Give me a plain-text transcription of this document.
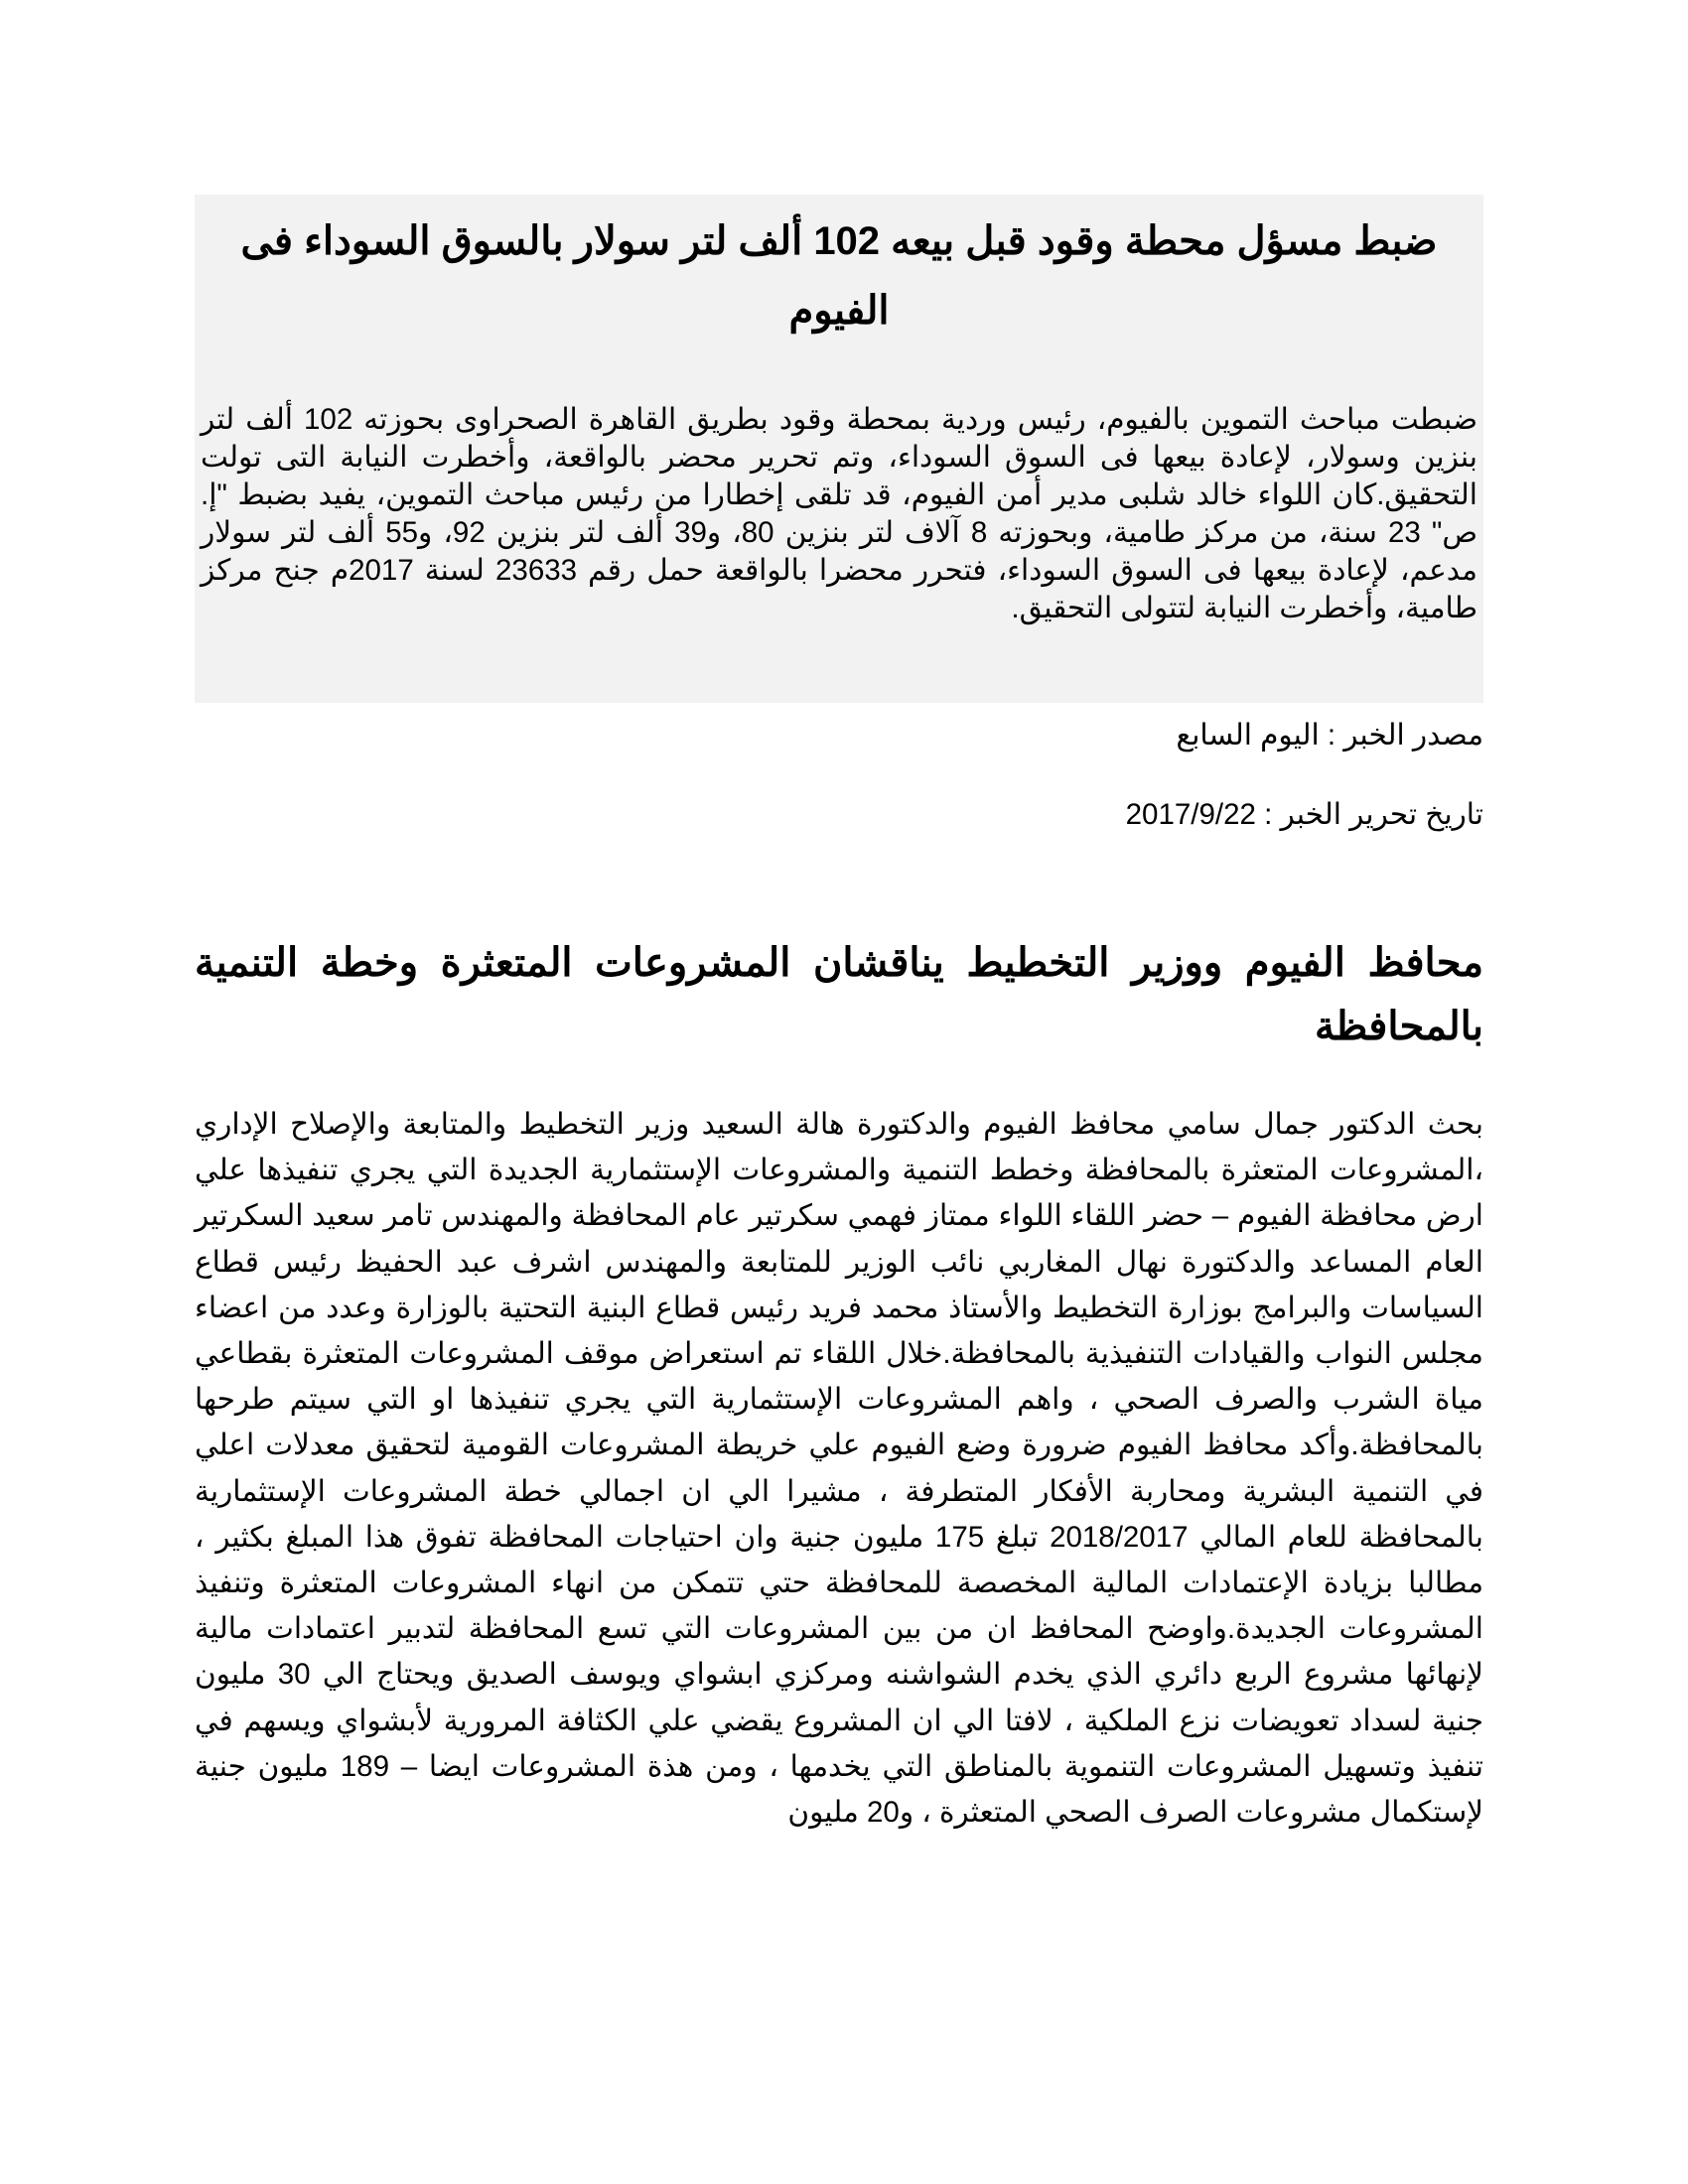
ضبط مسؤل محطة وقود قبل بيعه 102 ألف لتر سولار بالسوق السوداء فى الفيوم

ضبطت مباحث التموين بالفيوم، رئيس وردية بمحطة وقود بطريق القاهرة الصحراوى بحوزته 102 ألف لتر بنزين وسولار، لإعادة بيعها فى السوق السوداء، وتم تحرير محضر بالواقعة، وأخطرت النيابة التى تولت التحقيق.كان اللواء خالد شلبى مدير أمن الفيوم، قد تلقى إخطارا من رئيس مباحث التموين، يفيد بضبط "إ. ص" 23 سنة، من مركز طامية، وبحوزته 8 آلاف لتر بنزين 80، و39 ألف لتر بنزين 92، و55 ألف لتر سولار مدعم، لإعادة بيعها فى السوق السوداء، فتحرر محضرا بالواقعة حمل رقم 23633 لسنة 2017م جنح مركز طامية، وأخطرت النيابة لتتولى التحقيق.

مصدر الخبر : اليوم السابع

تاريخ تحرير الخبر : 2017/9/22

محافظ الفيوم ووزير التخطيط يناقشان المشروعات المتعثرة وخطة التنمية بالمحافظة

بحث الدكتور جمال سامي محافظ الفيوم والدكتورة هالة السعيد وزير التخطيط والمتابعة والإصلاح الإداري ،المشروعات المتعثرة بالمحافظة وخطط التنمية والمشروعات الإستثمارية الجديدة التي يجري تنفيذها علي ارض محافظة الفيوم – حضر اللقاء اللواء ممتاز فهمي سكرتير عام المحافظة والمهندس تامر سعيد السكرتير العام المساعد والدكتورة نهال المغاربي نائب الوزير للمتابعة والمهندس اشرف عبد الحفيظ رئيس قطاع السياسات والبرامج بوزارة التخطيط والأستاذ محمد فريد رئيس قطاع البنية التحتية بالوزارة وعدد من اعضاء مجلس النواب والقيادات التنفيذية بالمحافظة.خلال اللقاء تم استعراض موقف المشروعات المتعثرة بقطاعي مياة الشرب والصرف الصحي ، واهم المشروعات الإستثمارية التي يجري تنفيذها او التي سيتم طرحها بالمحافظة.وأكد محافظ الفيوم ضرورة وضع الفيوم علي خريطة المشروعات القومية لتحقيق معدلات اعلي في التنمية البشرية ومحاربة الأفكار المتطرفة ، مشيرا الي ان اجمالي خطة المشروعات الإستثمارية بالمحافظة للعام المالي 2018/2017 تبلغ 175 مليون جنية وان احتياجات المحافظة تفوق هذا المبلغ بكثير ، مطالبا بزيادة الإعتمادات المالية المخصصة للمحافظة حتي تتمكن من انهاء المشروعات المتعثرة وتنفيذ المشروعات الجديدة.واوضح المحافظ ان من بين المشروعات التي تسع المحافظة لتدبير اعتمادات مالية لإنهائها مشروع الربع دائري الذي يخدم الشواشنه ومركزي ابشواي ويوسف الصديق ويحتاج الي 30 مليون جنية لسداد تعويضات نزع الملكية ، لافتا الي ان المشروع يقضي علي الكثافة المرورية لأبشواي ويسهم في تنفيذ وتسهيل المشروعات التنموية بالمناطق التي يخدمها ، ومن هذة المشروعات ايضا – 189 مليون جنية لإستكمال مشروعات الصرف الصحي المتعثرة ، و20 مليون
